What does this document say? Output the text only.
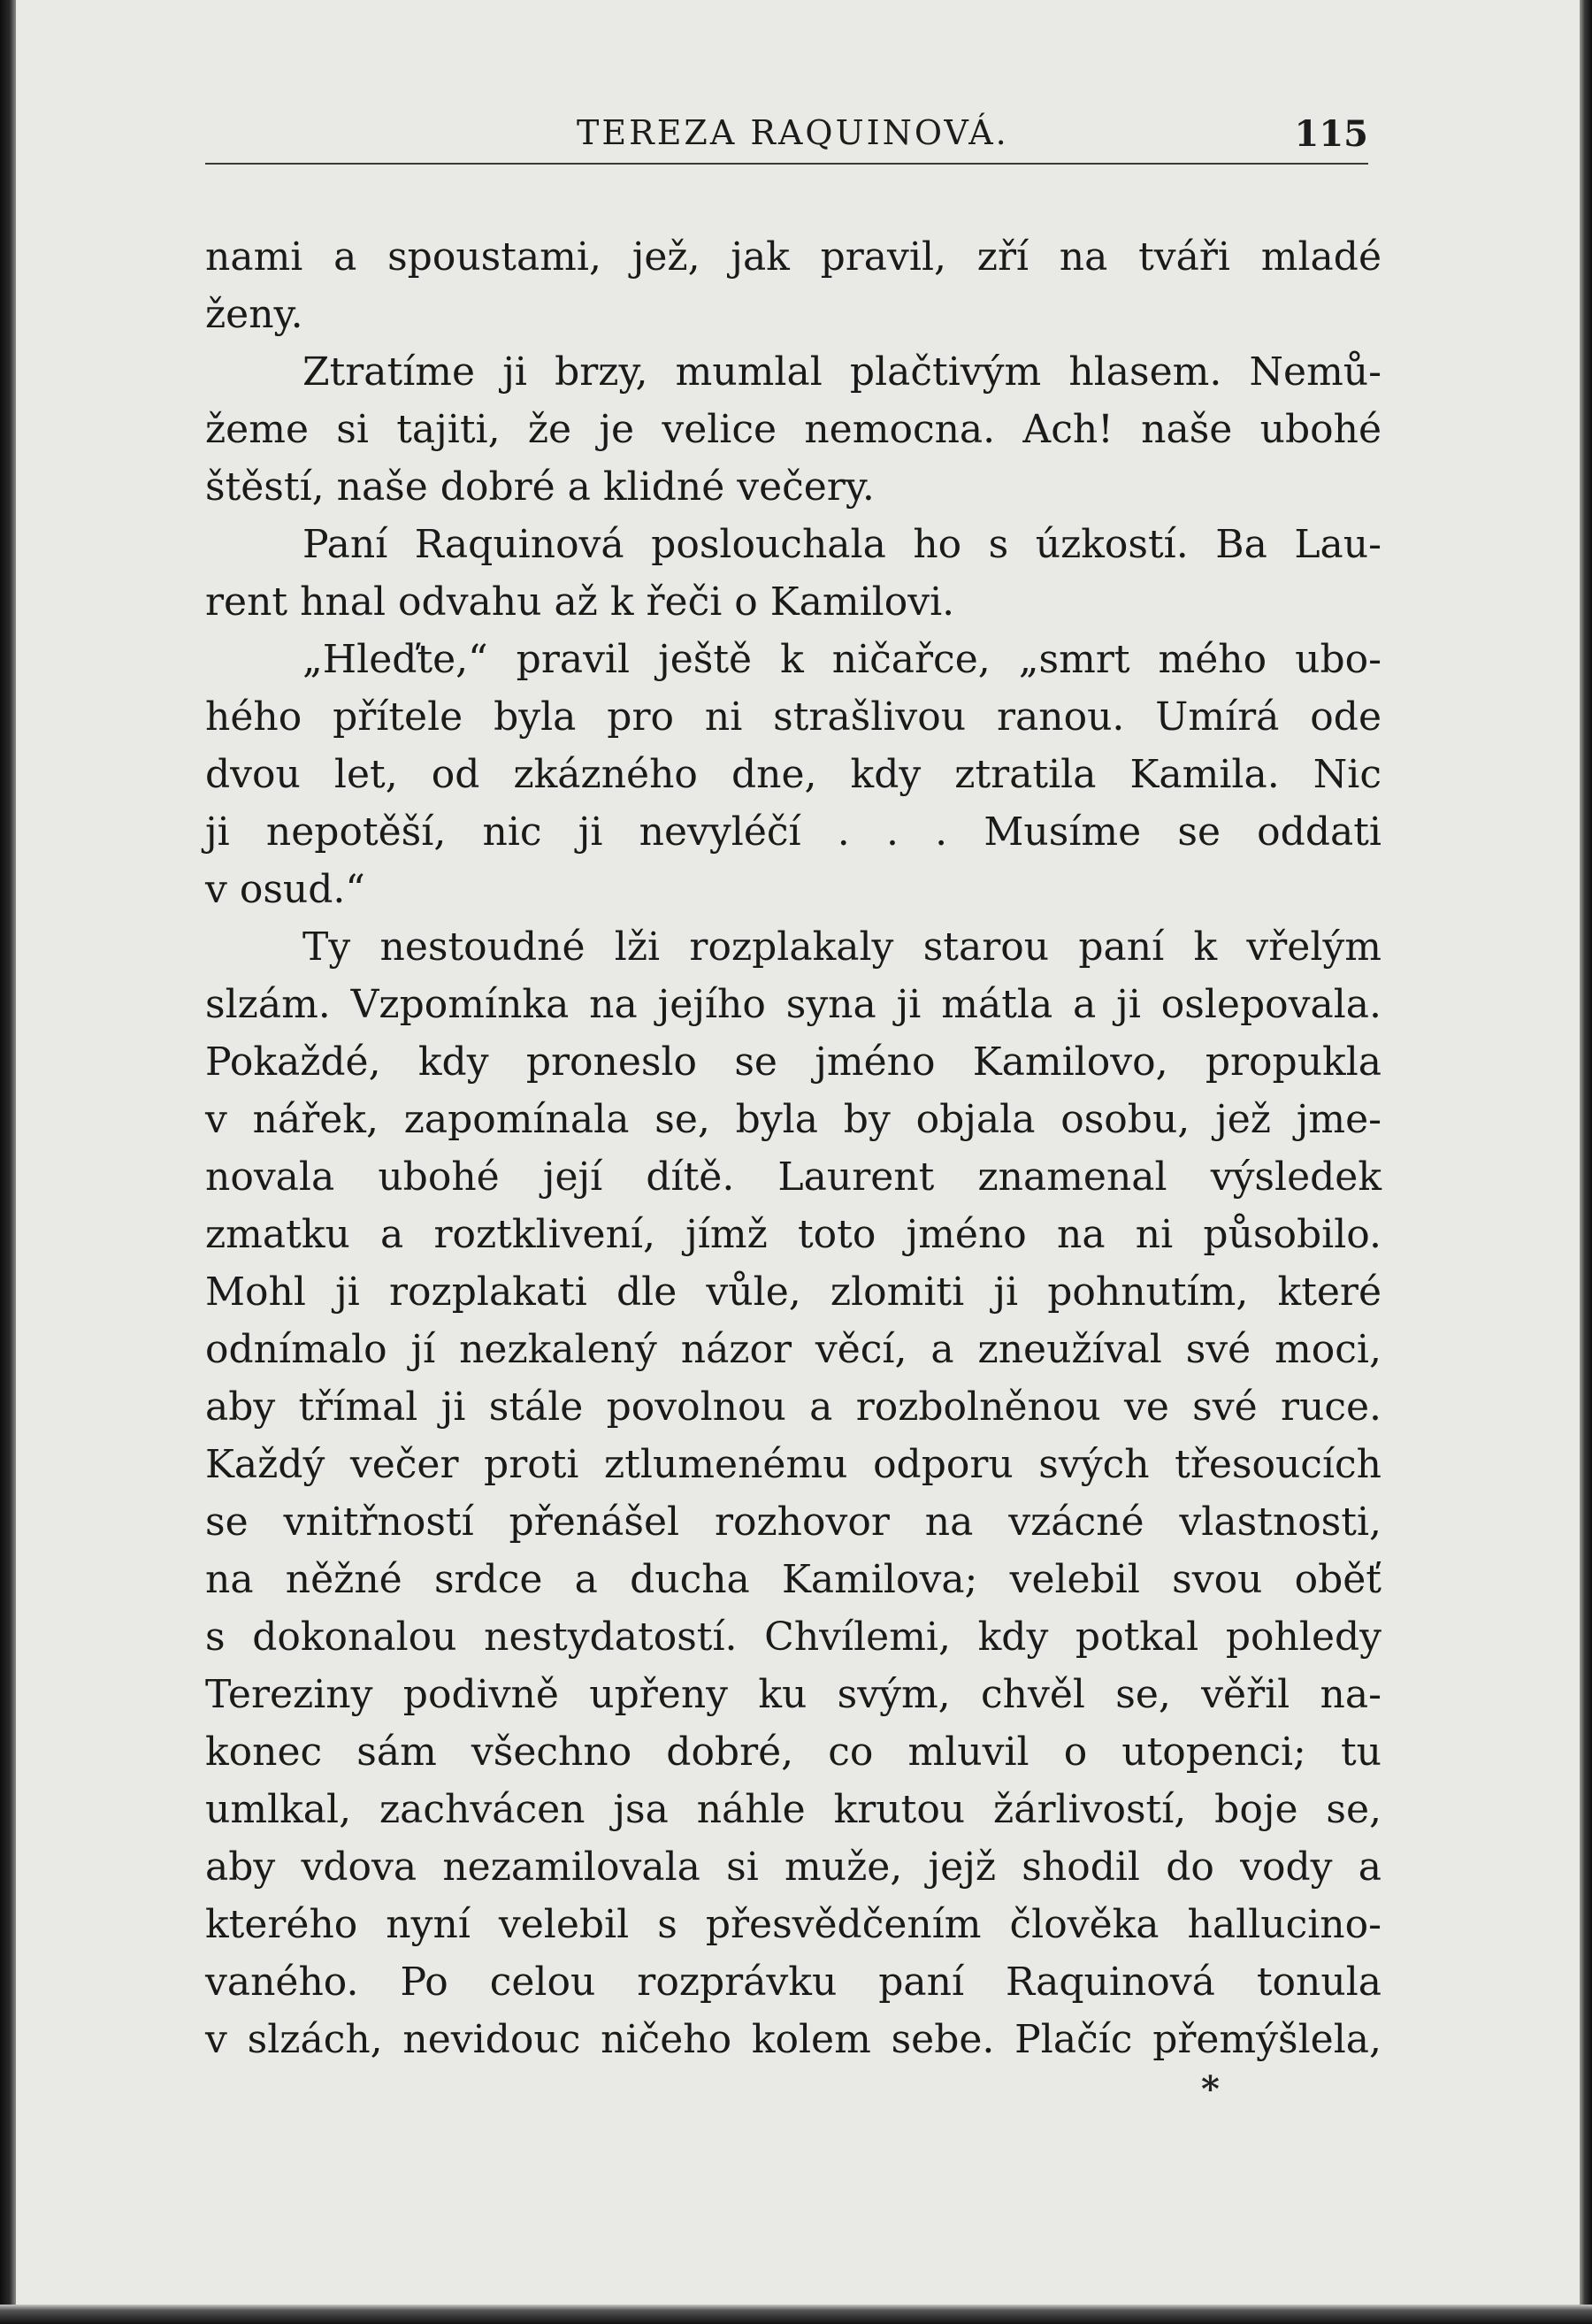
TEREZA RAQUINOVÁ.	115
nami a spoustami, jež, jak pravil, zří na tváři mladé
ženy.
Ztratíme ji brzy, mumlal plačtivým hlasem. Nemů-
žeme si tajiti, že je velice nemocna. Ach! naše ubohé
štěstí, naše dobré a klidné večery.
Paní Raquinová poslouchala ho s úzkostí. Ba Lau-
rent hnal odvahu až k řeči o Kamilovi.
„Hleďte,“ pravil ještě k ničařce, „smrt mého ubo-
hého přítele byla pro ni strašlivou ranou. Umírá ode
dvou let, od zkázného dne, kdy ztratila Kamila. Nic
ji nepotěší, nic ji nevyléčí . . . Musíme se oddati
v osud.“
Ty nestoudné lži rozplakaly starou paní k vřelým
slzám. Vzpomínka na jejího syna ji mátla a ji oslepovala.
Pokaždé, kdy proneslo se jméno Kamilovo, propukla
v nářek, zapomínala se, byla by objala osobu, jež jme-
novala ubohé její dítě. Laurent znamenal výsledek
zmatku a roztklivení, jímž toto jméno na ni působilo.
Mohl ji rozplakati dle vůle, zlomiti ji pohnutím, které
odnímalo jí nezkalený názor věcí, a zneužíval své moci,
aby třímal ji stále povolnou a rozbolněnou ve své ruce.
Každý večer proti ztlumenému odporu svých třesoucích
se vnitřností přenášel rozhovor na vzácné vlastnosti,
na něžné srdce a ducha Kamilova; velebil svou oběť
s dokonalou nestydatostí. Chvílemi, kdy potkal pohledy
Tereziny podivně upřeny ku svým, chvěl se, věřil na-
konec sám všechno dobré, co mluvil o utopenci; tu
umlkal, zachvácen jsa náhle krutou žárlivostí, boje se,
aby vdova nezamilovala si muže, jejž shodil do vody a
kterého nyní velebil s přesvědčením člověka hallucino-
vaného. Po celou rozprávku paní Raquinová tonula
v slzách, nevidouc ničeho kolem sebe. Plačíc přemýšlela,
*
